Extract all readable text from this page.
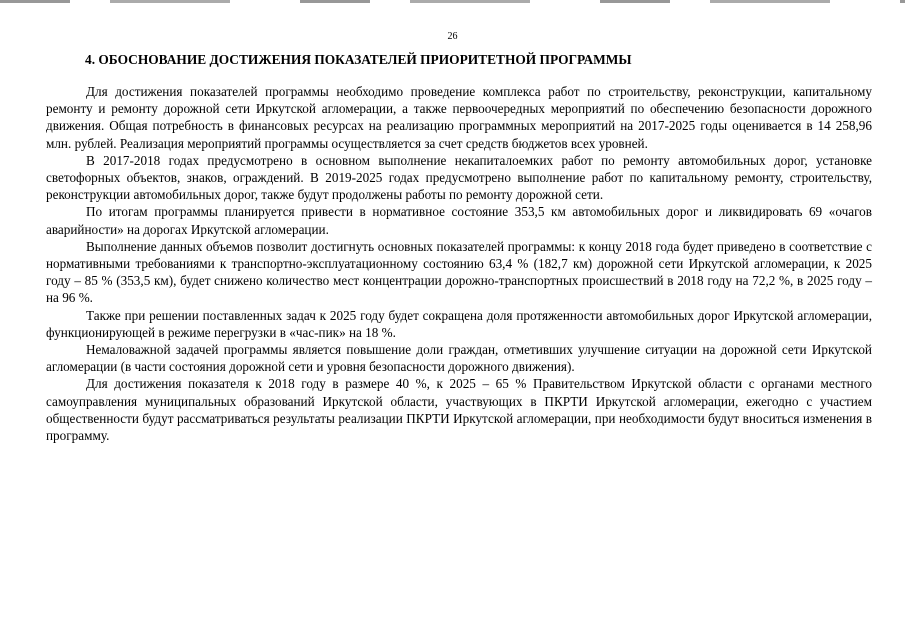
26
4. ОБОСНОВАНИЕ ДОСТИЖЕНИЯ ПОКАЗАТЕЛЕЙ ПРИОРИТЕТНОЙ ПРОГРАММЫ

Для достижения показателей программы необходимо проведение комплекса работ по строительству, реконструкции, капитальному ремонту и ремонту дорожной сети Иркутской агломерации, а также первоочередных мероприятий по обеспечению безопасности дорожного движения. Общая потребность в финансовых ресурсах на реализацию программных мероприятий на 2017-2025 годы оценивается в 14 258,96 млн. рублей. Реализация мероприятий программы осуществляется за счет средств бюджетов всех уровней.

В 2017-2018 годах предусмотрено в основном выполнение некапиталоемких работ по ремонту автомобильных дорог, установке светофорных объектов, знаков, ограждений. В 2019-2025 годах предусмотрено выполнение работ по капитальному ремонту, строительству, реконструкции автомобильных дорог, также будут продолжены работы по ремонту дорожной сети.

По итогам программы планируется привести в нормативное состояние 353,5 км автомобильных дорог и ликвидировать 69 «очагов аварийности» на дорогах Иркутской агломерации.

Выполнение данных объемов позволит достигнуть основных показателей программы: к концу 2018 года будет приведено в соответствие с нормативными требованиями к транспортно-эксплуатационному состоянию 63,4 % (182,7 км) дорожной сети Иркутской агломерации, к 2025 году – 85 % (353,5 км), будет снижено количество мест концентрации дорожно-транспортных происшествий в 2018 году на 72,2 %, в 2025 году – на 96 %.

Также при решении поставленных задач к 2025 году будет сокращена доля протяженности автомобильных дорог Иркутской агломерации, функционирующей в режиме перегрузки в «час-пик» на 18 %.

Немаловажной задачей программы является повышение доли граждан, отметивших улучшение ситуации на дорожной сети Иркутской агломерации (в части состояния дорожной сети и уровня безопасности дорожного движения).

Для достижения показателя к 2018 году в размере 40 %, к 2025 – 65 % Правительством Иркутской области с органами местного самоуправления муниципальных образований Иркутской области, участвующих в ПКРТИ Иркутской агломерации, ежегодно с участием общественности будут рассматриваться результаты реализации ПКРТИ Иркутской агломерации, при необходимости будут вноситься изменения в программу.
